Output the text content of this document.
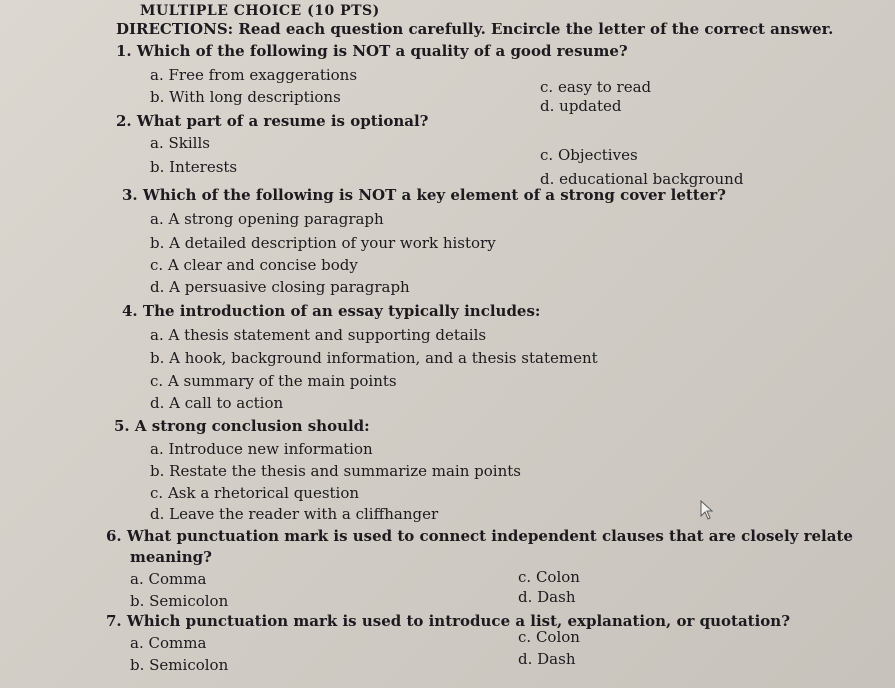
MULTIPLE CHOICE (10 PTS)
DIRECTIONS: Read each question carefully. Encircle the letter of the correct answer.
1. Which of the following is NOT a quality of a good resume?
a. Free from exaggerations
b. With long descriptions
c. easy to read
d. updated
2. What part of a resume is optional?
a. Skills
b. Interests
c. Objectives
d. educational background
3. Which of the following is NOT a key element of a strong cover letter?
a. A strong opening paragraph
b. A detailed description of your work history
c. A clear and concise body
d. A persuasive closing paragraph
4. The introduction of an essay typically includes:
a. A thesis statement and supporting details
b. A hook, background information, and a thesis statement
c. A summary of the main points
d. A call to action
5. A strong conclusion should:
a. Introduce new information
b. Restate the thesis and summarize main points
c. Ask a rhetorical question
d. Leave the reader with a cliffhanger
6. What punctuation mark is used to connect independent clauses that are closely relate
meaning?
a. Comma
b. Semicolon
c. Colon
d. Dash
7. Which punctuation mark is used to introduce a list, explanation, or quotation?
a. Comma
b. Semicolon
c. Colon
d. Dash
